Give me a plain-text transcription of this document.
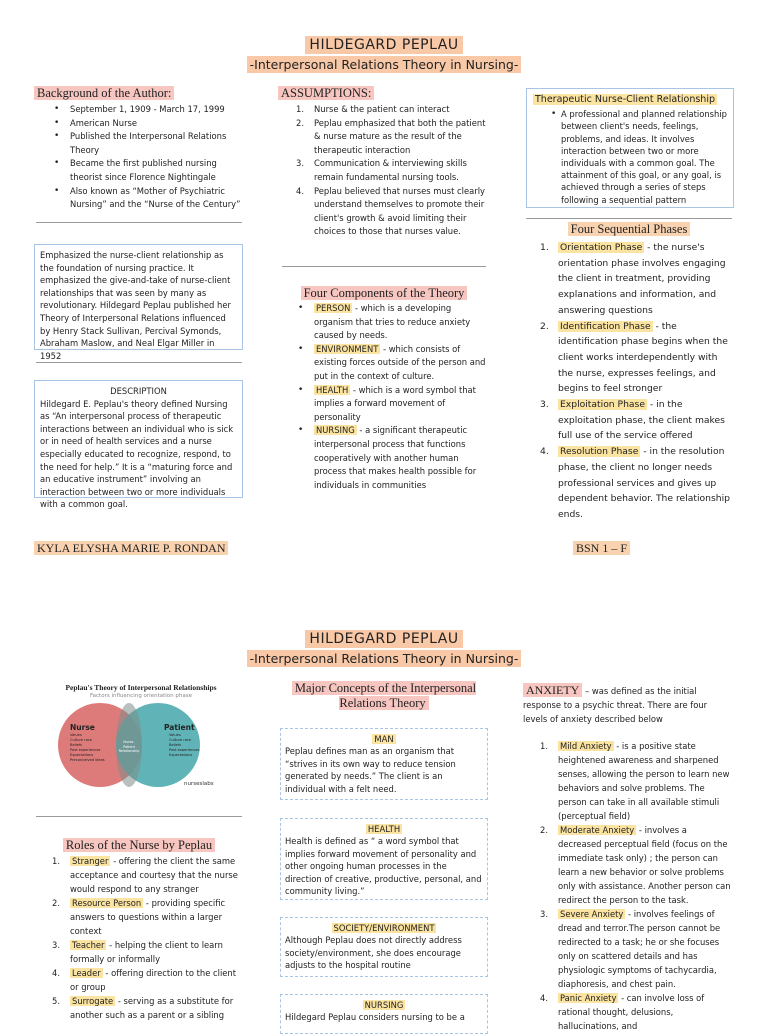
HILDEGARD PEPLAU
-Interpersonal Relations Theory in Nursing-
Background of the Author:
• September 1, 1909 - March 17, 1999
• American Nurse
• Published the Interpersonal Relations Theory
• Became the first published nursing theorist since Florence Nightingale
• Also known as “Mother of Psychiatric Nursing” and the “Nurse of the Century”
Emphasized the nurse-client relationship as the foundation of nursing practice. It emphasized the give-and-take of nurse-client relationships that was seen by many as revolutionary. Hildegard Peplau published her Theory of Interpersonal Relations influenced by Henry Stack Sullivan, Percival Symonds, Abraham Maslow, and Neal Elgar Miller in 1952
DESCRIPTION
Hildegard E. Peplau's theory defined Nursing as “An interpersonal process of therapeutic interactions between an individual who is sick or in need of health services and a nurse especially educated to recognize, respond, to the need for help.” It is a “maturing force and an educative instrument” involving an interaction between two or more individuals with a common goal.
ASSUMPTIONS:
1. Nurse & the patient can interact
2. Peplau emphasized that both the patient & nurse mature as the result of the therapeutic interaction
3. Communication & interviewing skills remain fundamental nursing tools.
4. Peplau believed that nurses must clearly understand themselves to promote their client's growth & avoid limiting their choices to those that nurses value.
Four Components of the Theory
• PERSON - which is a developing organism that tries to reduce anxiety caused by needs.
• ENVIRONMENT - which consists of existing forces outside of the person and put in the context of culture.
• HEALTH - which is a word symbol that implies a forward movement of personality
• NURSING - a significant therapeutic interpersonal process that functions cooperatively with another human process that makes health possible for individuals in communities
Therapeutic Nurse-Client Relationship
• A professional and planned relationship between client's needs, feelings, problems, and ideas. It involves interaction between two or more individuals with a common goal. The attainment of this goal, or any goal, is achieved through a series of steps following a sequential pattern
Four Sequential Phases
1. Orientation Phase - the nurse's orientation phase involves engaging the client in treatment, providing explanations and information, and answering questions
2. Identification Phase - the identification phase begins when the client works interdependently with the nurse, expresses feelings, and begins to feel stronger
3. Exploitation Phase - in the exploitation phase, the client makes full use of the service offered
4. Resolution Phase - in the resolution phase, the client no longer needs professional services and gives up dependent behavior. The relationship ends.
KYLA ELYSHA MARIE P. RONDAN	BSN 1 – F
HILDEGARD PEPLAU
-Interpersonal Relations Theory in Nursing-
Peplau's Theory of Interpersonal Relationships
Factors influencing orientation phase
Nurse
Values
Culture race
Beliefs
Past experiences
Expectations
Preconceived ideas
Nurse-Patient Relationship
Patient
Values
Culture race
Beliefs
Past experiences
Expectations
nurseslabs
Roles of the Nurse by Peplau
1. Stranger - offering the client the same acceptance and courtesy that the nurse would respond to any stranger
2. Resource Person - providing specific answers to questions within a larger context
3. Teacher - helping the client to learn formally or informally
4. Leader - offering direction to the client or group
5. Surrogate - serving as a substitute for another such as a parent or a sibling
Major Concepts of the Interpersonal Relations Theory
MAN
Peplau defines man as an organism that “strives in its own way to reduce tension generated by needs.” The client is an individual with a felt need.
HEALTH
Health is defined as “ a word symbol that implies forward movement of personality and other ongoing human processes in the direction of creative, productive, personal, and community living.”
SOCIETY/ENVIRONMENT
Although Peplau does not directly address society/environment, she does encourage adjusts to the hospital routine
NURSING
Hildegard Peplau considers nursing to be a
ANXIETY – was defined as the initial response to a psychic threat. There are four levels of anxiety described below
1. Mild Anxiety - is a positive state heightened awareness and sharpened senses, allowing the person to learn new behaviors and solve problems. The person can take in all available stimuli (perceptual field)
2. Moderate Anxiety - involves a decreased perceptual field (focus on the immediate task only) ; the person can learn a new behavior or solve problems only with assistance. Another person can redirect the person to the task.
3. Severe Anxiety - involves feelings of dread and terror.The person cannot be redirected to a task; he or she focuses only on scattered details and has physiologic symptoms of tachycardia, diaphoresis, and chest pain.
4. Panic Anxiety - can involve loss of rational thought, delusions, hallucinations, and
